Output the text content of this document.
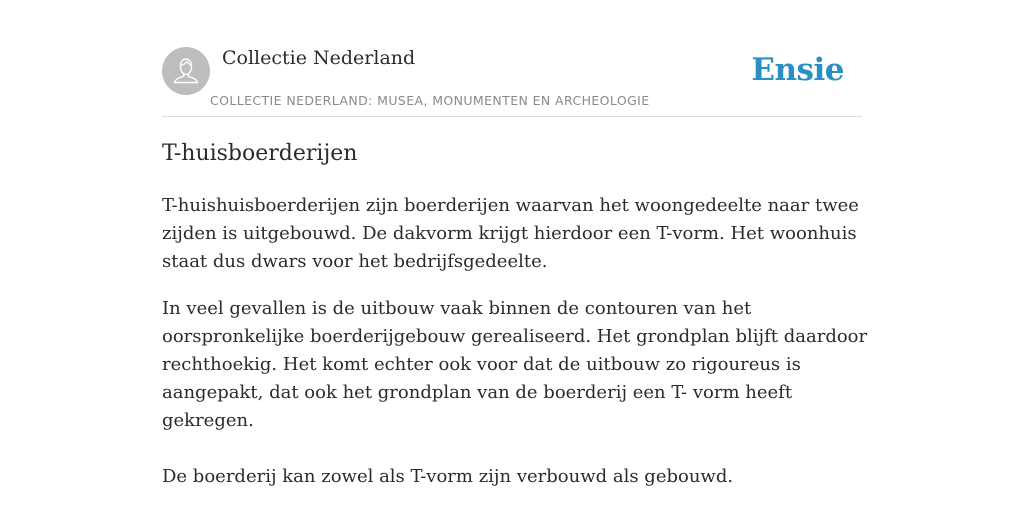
Collectie Nederland
COLLECTIE NEDERLAND: MUSEA, MONUMENTEN EN ARCHEOLOGIE
Ensie
T-huisboerderijen

T-huishuisboerderijen zijn boerderijen waarvan het woongedeelte naar twee zijden is uitgebouwd. De dakvorm krijgt hierdoor een T-vorm. Het woonhuis staat dus dwars voor het bedrijfsgedeelte.

In veel gevallen is de uitbouw vaak binnen de contouren van het oorspronkelijke boerderijgebouw gerealiseerd. Het grondplan blijft daardoor rechthoekig. Het komt echter ook voor dat de uitbouw zo rigoureus is aangepakt, dat ook het grondplan van de boerderij een T- vorm heeft gekregen.

De boerderij kan zowel als T-vorm zijn verbouwd als gebouwd.
